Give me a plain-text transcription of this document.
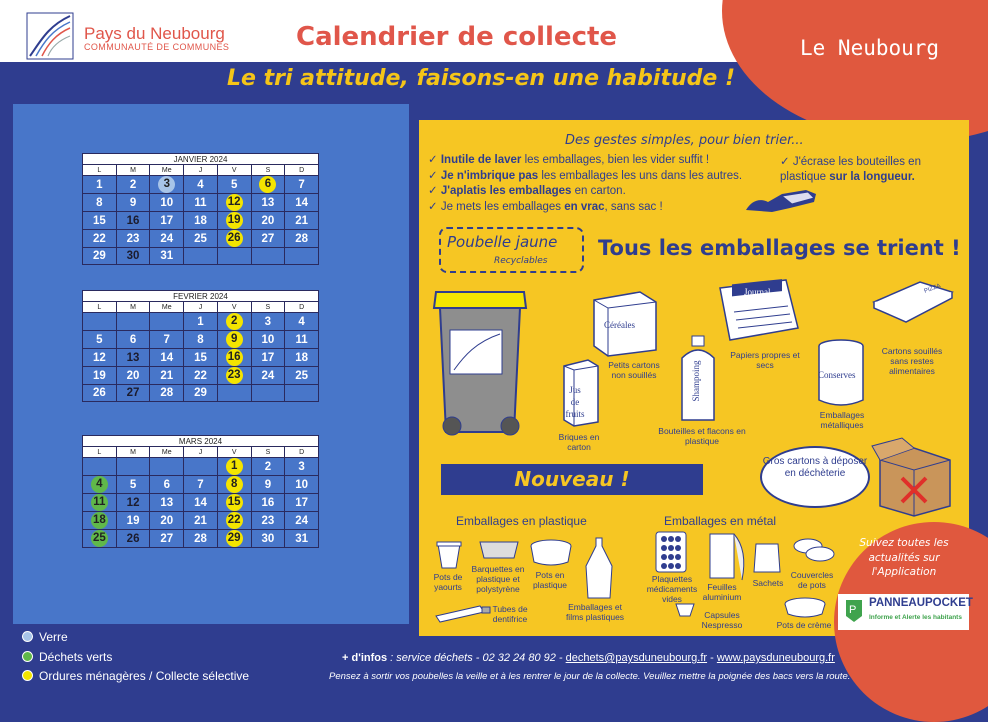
Pays du Neubourg
COMMUNAUTÉ DE COMMUNES	Calendrier de collecte	Le Neubourg
Le tri attitude, faisons-en une habitude !
JANVIER 2024						
L	M	Me	J	V	S	D
1	2	3	4	5	6	7
8	9	10	11	12	13	14
15	16	17	18	19	20	21
22	23	24	25	26	27	28
29	30	31				
FEVRIER 2024						
L	M	Me	J	V	S	D
			1	2	3	4
5	6	7	8	9	10	11
12	13	14	15	16	17	18
19	20	21	22	23	24	25
26	27	28	29			
MARS 2024						
L	M	Me	J	V	S	D
				1	2	3
4	5	6	7	8	9	10
11	12	13	14	15	16	17
18	19	20	21	22	23	24
25	26	27	28	29	30	31
Verre
Déchets verts
Ordures ménagères / Collecte sélective
Des gestes simples, pour bien trier...
✓ Inutile de laver les emballages, bien les vider suffit !
✓ Je n'imbrique pas les emballages les uns dans les autres.
✓ J'aplatis les emballages en carton.
✓ Je mets les emballages en vrac, sans sac !
✓ J'écrase les bouteilles en plastique sur la longueur.
Poubelle jaune
Recyclables
Tous les emballages se trient !
Céréales
Petits cartons non souillés
Journal
Papiers propres et secs
PIZZA
Cartons souillés sans restes alimentaires
Jus de fruits
Briques en carton
Shampoing
Bouteilles et flacons en plastique
Conserves
Emballages métalliques
Nouveau !
Gros cartons à déposer en déchèterie
Emballages en plastique	Emballages en métal
Pots de yaourts
Barquettes en plastique et polystyrène
Pots en plastique
Tubes de dentifrice
Emballages et films plastiques
Plaquettes médicaments vides
Feuilles aluminium
Sachets
Couvercles de pots
Capsules Nespresso	Pots de crème
Suivez toutes les actualités sur l'Application
P
PANNEAUPOCKET
Informe et Alerte les habitants
+ d'infos : service déchets - 02 32 24 80 92 - dechets@paysduneubourg.fr - www.paysduneubourg.fr
Pensez à sortir vos poubelles la veille et à les rentrer le jour de la collecte. Veuillez mettre la poignée des bacs vers la route.
